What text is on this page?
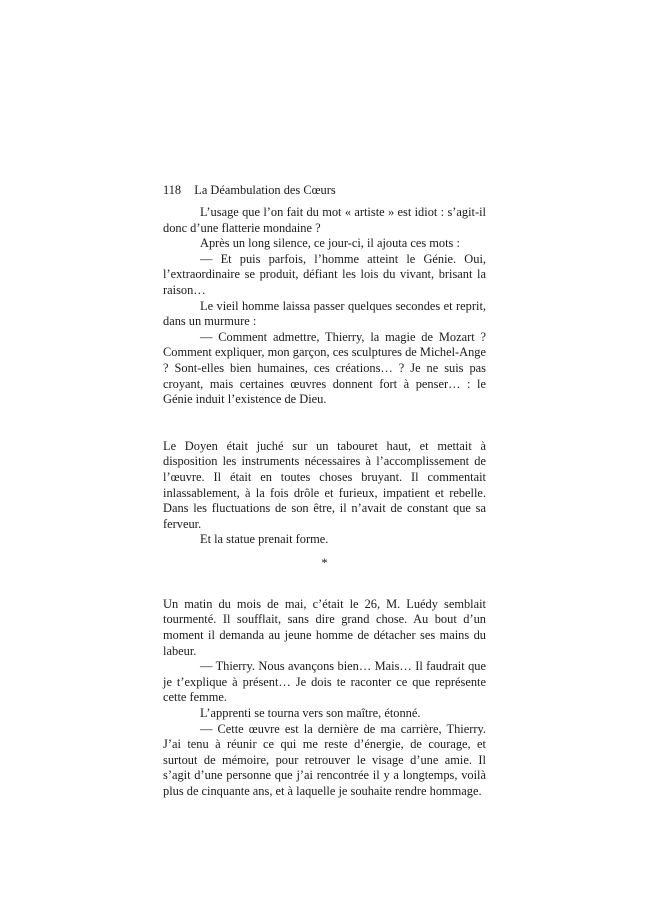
118 La Déambulation des Cœurs

L’usage que l’on fait du mot « artiste » est idiot : s’agit-il donc d’une flatterie mondaine ?

Après un long silence, ce jour-ci, il ajouta ces mots :

— Et puis parfois, l’homme atteint le Génie. Oui, l’extraordinaire se produit, défiant les lois du vivant, brisant la raison…

Le vieil homme laissa passer quelques secondes et reprit, dans un murmure :

— Comment admettre, Thierry, la magie de Mozart ? Comment expliquer, mon garçon, ces sculptures de Michel-Ange ? Sont-elles bien humaines, ces créations… ? Je ne suis pas croyant, mais certaines œuvres donnent fort à penser… : le Génie induit l’existence de Dieu.

Le Doyen était juché sur un tabouret haut, et mettait à disposition les instruments nécessaires à l’accomplissement de l’œuvre. Il était en toutes choses bruyant. Il commentait inlassablement, à la fois drôle et furieux, impatient et rebelle. Dans les fluctuations de son être, il n’avait de constant que sa ferveur.

Et la statue prenait forme.

*

Un matin du mois de mai, c’était le 26, M. Luédy semblait tourmenté. Il soufflait, sans dire grand chose. Au bout d’un moment il demanda au jeune homme de détacher ses mains du labeur.

— Thierry. Nous avançons bien… Mais… Il faudrait que je t’explique à présent… Je dois te raconter ce que représente cette femme.

L’apprenti se tourna vers son maître, étonné.

— Cette œuvre est la dernière de ma carrière, Thierry. J’ai tenu à réunir ce qui me reste d’énergie, de courage, et surtout de mémoire, pour retrouver le visage d’une amie. Il s’agit d’une personne que j’ai rencontrée il y a longtemps, voilà plus de cinquante ans, et à laquelle je souhaite rendre hommage.
